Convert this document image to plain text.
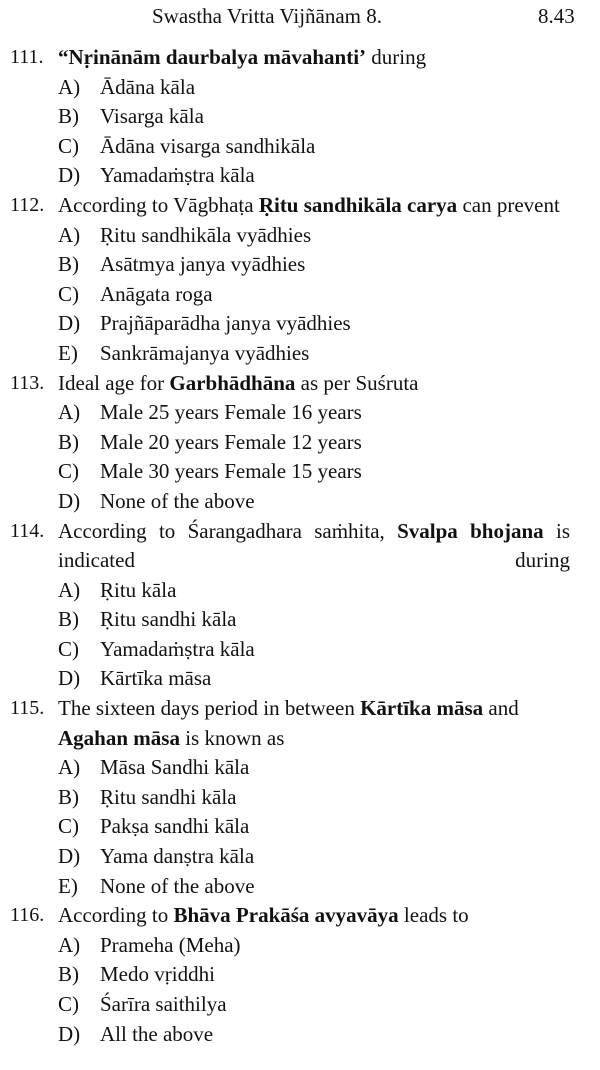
Swastha Vritta Vijñānam 8.	8.43
111. “Nṛinānām daurbalya māvahanti’ during
A) Ādāna kāla
B) Visarga kāla
C) Ādāna visarga sandhikāla
D) Yamadaṁṣtra kāla
112. According to Vāgbhaṭa Ṛitu sandhikāla carya can prevent
A) Ṛitu sandhikāla vyādhies
B) Asātmya janya vyādhies
C) Anāgata roga
D) Prajñāparādha janya vyādhies
E) Sankrāmajanya vyādhies
113. Ideal age for Garbhādhāna as per Suśruta
A) Male 25 years Female 16 years
B) Male 20 years Female 12 years
C) Male 30 years Female 15 years
D) None of the above
114. According to Śarangadhara saṁhita, Svalpa bhojana is indicated during
A) Ṛitu kāla
B) Ṛitu sandhi kāla
C) Yamadaṁṣtra kāla
D) Kārtīka māsa
115. The sixteen days period in between Kārtīka māsa and Agahan māsa is known as
A) Māsa Sandhi kāla
B) Ṛitu sandhi kāla
C) Pakṣa sandhi kāla
D) Yama danṣtra kāla
E) None of the above
116. According to Bhāva Prakāśa avyavāya leads to
A) Prameha (Meha)
B) Medo vṛiddhi
C) Śarīra saithilya
D) All the above
